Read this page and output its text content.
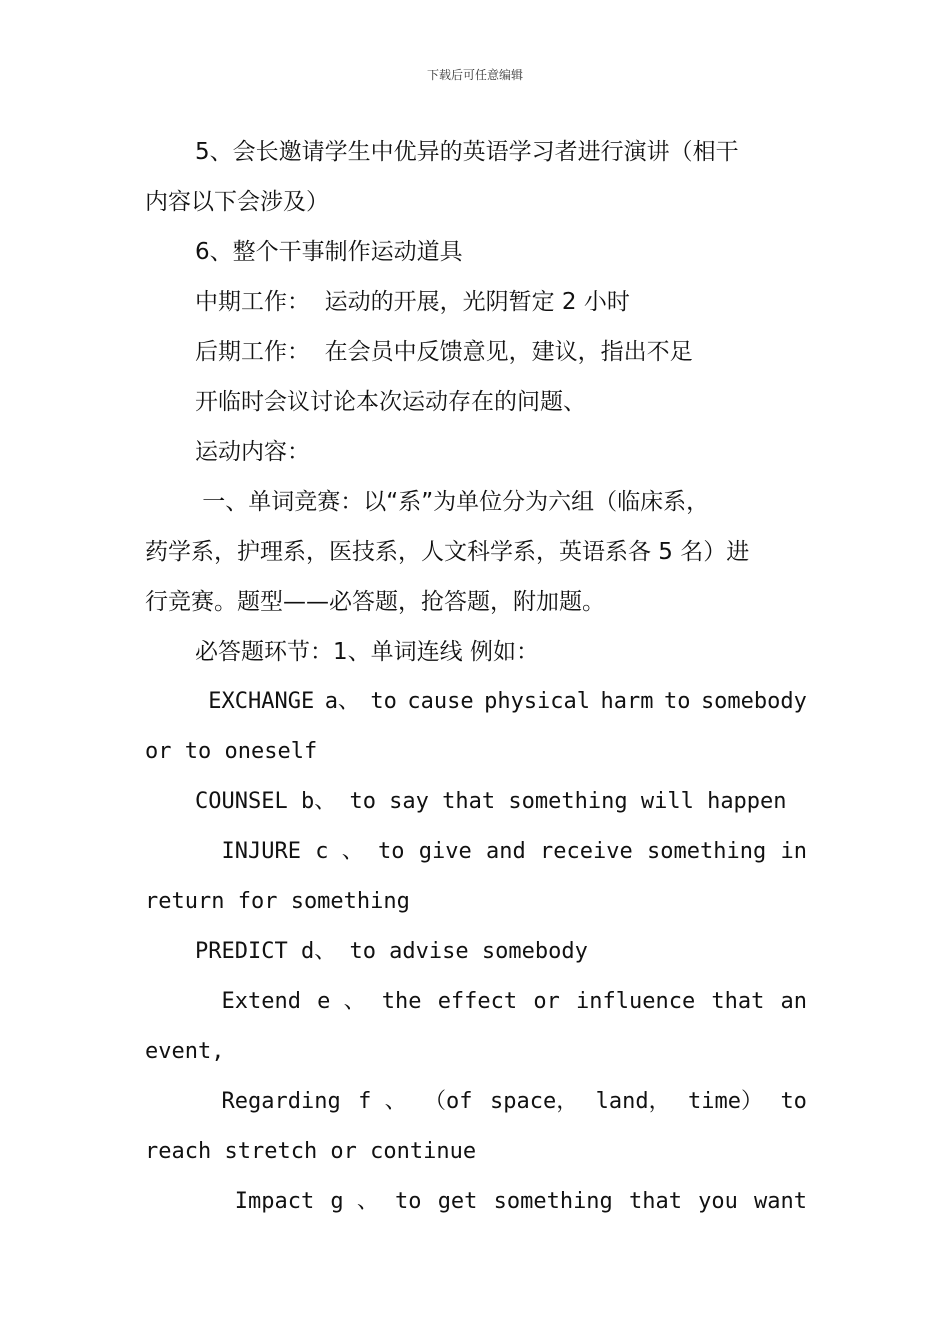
下载后可任意编辑
5、会长邀请学生中优异的英语学习者进行演讲（相干
内容以下会涉及）
6、整个干事制作运动道具
中期工作：  运动的开展，光阴暂定 2 小时
后期工作：  在会员中反馈意见，建议，指出不足
开临时会议讨论本次运动存在的问题、
运动内容：
一、单词竞赛：以“系”为单位分为六组（临床系，
药学系，护理系，医技系，人文科学系，英语系各 5 名）进
行竞赛。题型——必答题，抢答题，附加题。
必答题环节：1、单词连线 例如：
EXCHANGE a、 to cause physical harm to somebody
or to oneself
COUNSEL b、 to say that something will happen
INJURE c 、 to give and receive something in
return for something
PREDICT d、 to advise somebody
Extend e 、 the effect or influence that an
event,
Regarding f 、 （of space， land， time） to
reach stretch or continue
Impact g 、 to get something that you want
